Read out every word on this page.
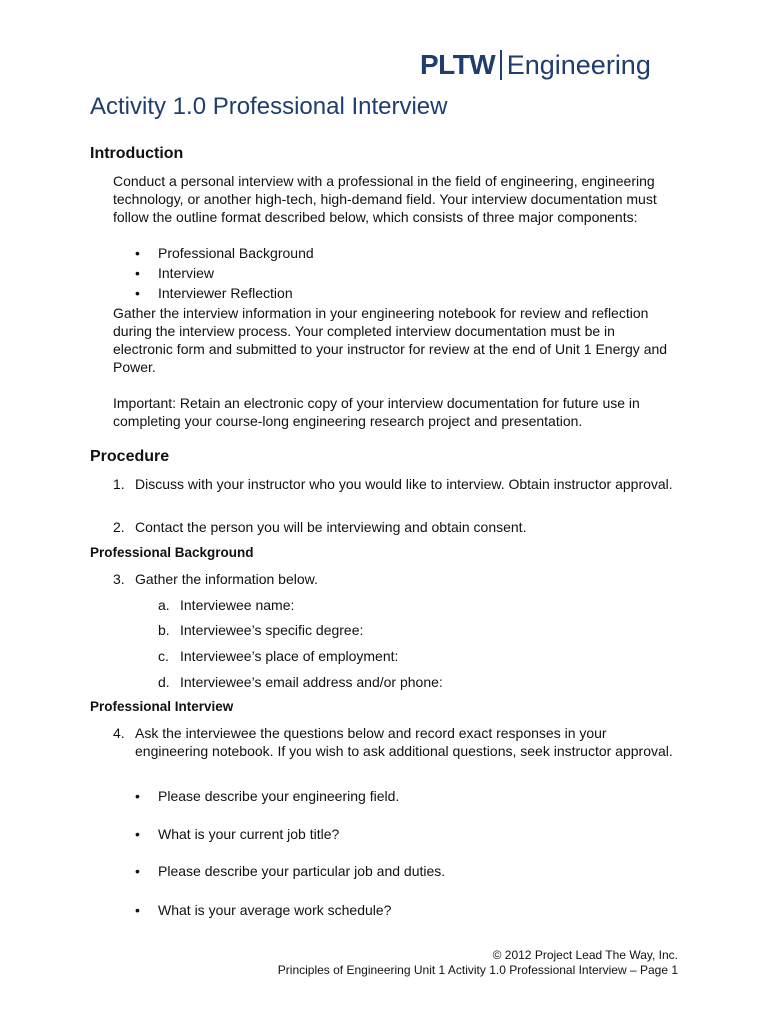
PLTW Engineering
Activity 1.0 Professional Interview
Introduction

Conduct a personal interview with a professional in the field of engineering, engineering technology, or another high-tech, high-demand field. Your interview documentation must follow the outline format described below, which consists of three major components:

• Professional Background
• Interview
• Interviewer Reflection

Gather the interview information in your engineering notebook for review and reflection during the interview process. Your completed interview documentation must be in electronic form and submitted to your instructor for review at the end of Unit 1 Energy and Power.

Important: Retain an electronic copy of your interview documentation for future use in completing your course-long engineering research project and presentation.

Procedure
1. Discuss with your instructor who you would like to interview. Obtain instructor approval.
2. Contact the person you will be interviewing and obtain consent.
Professional Background
3. Gather the information below.
a. Interviewee name:
b. Interviewee’s specific degree:
c. Interviewee’s place of employment:
d. Interviewee’s email address and/or phone:
Professional Interview
4. Ask the interviewee the questions below and record exact responses in your engineering notebook. If you wish to ask additional questions, seek instructor approval.
• Please describe your engineering field.
• What is your current job title?
• Please describe your particular job and duties.
• What is your average work schedule?
© 2012 Project Lead The Way, Inc.
Principles of Engineering Unit 1 Activity 1.0 Professional Interview – Page 1
